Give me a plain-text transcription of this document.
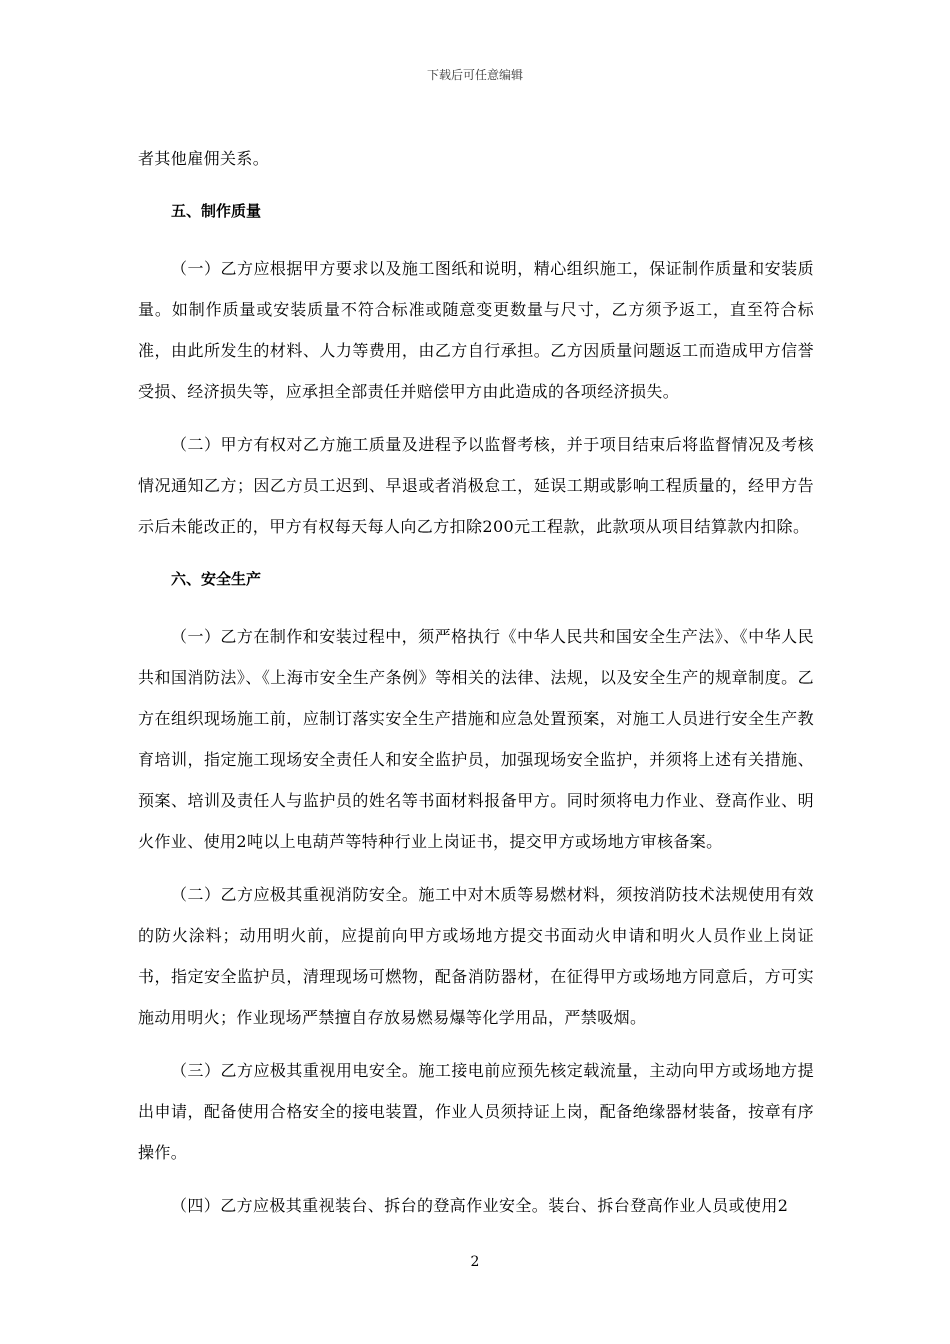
下载后可任意编辑

者其他雇佣关系。

五、制作质量

（一）乙方应根据甲方要求以及施工图纸和说明，精心组织施工，保证制作质量和安装质量。如制作质量或安装质量不符合标准或随意变更数量与尺寸，乙方须予返工，直至符合标准，由此所发生的材料、人力等费用，由乙方自行承担。乙方因质量问题返工而造成甲方信誉受损、经济损失等，应承担全部责任并赔偿甲方由此造成的各项经济损失。

（二）甲方有权对乙方施工质量及进程予以监督考核，并于项目结束后将监督情况及考核情况通知乙方；因乙方员工迟到、早退或者消极怠工，延误工期或影响工程质量的，经甲方告示后未能改正的，甲方有权每天每人向乙方扣除200元工程款，此款项从项目结算款内扣除。

六、安全生产

（一）乙方在制作和安装过程中，须严格执行《中华人民共和国安全生产法》、《中华人民共和国消防法》、《上海市安全生产条例》等相关的法律、法规，以及安全生产的规章制度。乙方在组织现场施工前，应制订落实安全生产措施和应急处置预案，对施工人员进行安全生产教育培训，指定施工现场安全责任人和安全监护员，加强现场安全监护，并须将上述有关措施、预案、培训及责任人与监护员的姓名等书面材料报备甲方。同时须将电力作业、登高作业、明火作业、使用2吨以上电葫芦等特种行业上岗证书，提交甲方或场地方审核备案。

（二）乙方应极其重视消防安全。施工中对木质等易燃材料，须按消防技术法规使用有效的防火涂料；动用明火前，应提前向甲方或场地方提交书面动火申请和明火人员作业上岗证书，指定安全监护员，清理现场可燃物，配备消防器材，在征得甲方或场地方同意后，方可实施动用明火；作业现场严禁擅自存放易燃易爆等化学用品，严禁吸烟。

（三）乙方应极其重视用电安全。施工接电前应预先核定载流量，主动向甲方或场地方提出申请，配备使用合格安全的接电装置，作业人员须持证上岗，配备绝缘器材装备，按章有序操作。

（四）乙方应极其重视装台、拆台的登高作业安全。装台、拆台登高作业人员或使用2

2
